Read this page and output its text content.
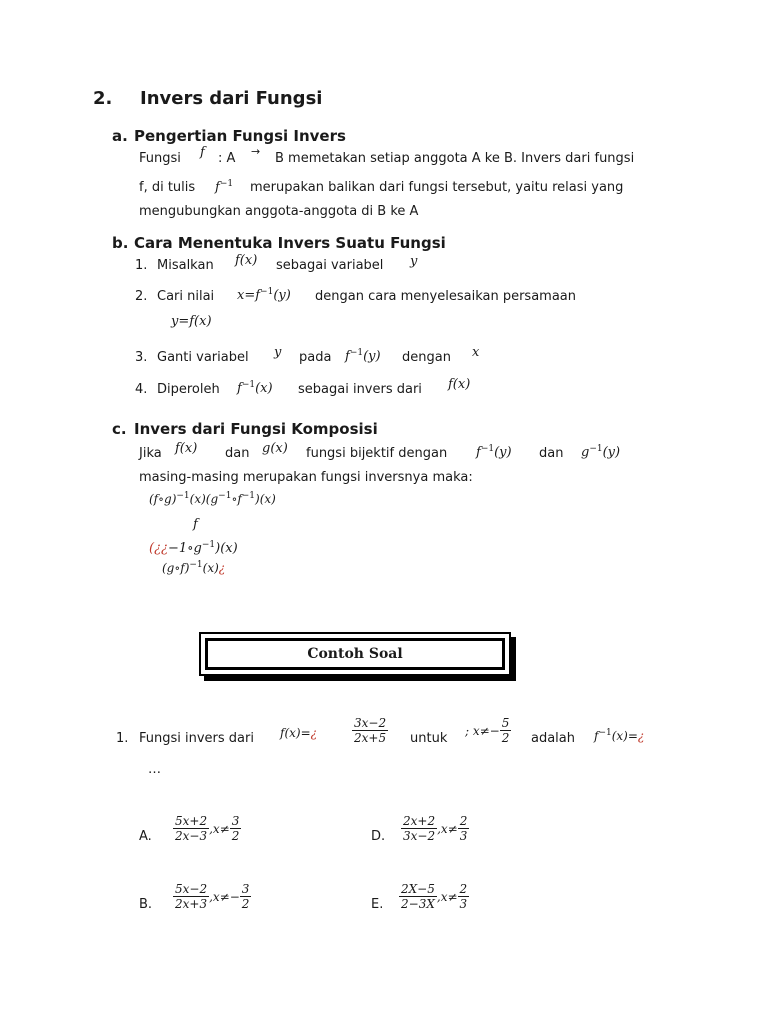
2. Invers dari Fungsi
a. Pengertian Fungsi Invers
Fungsi f : A → B memetakan setiap anggota A ke B. Invers dari fungsi
f, di tulis $f^{-1}$ merupakan balikan dari fungsi tersebut, yaitu relasi yang
mengubungkan anggota-anggota di B ke A
b. Cara Menentuka Invers Suatu Fungsi
1. Misalkan f(x) sebagai variabel y
2. Cari nilai $x=f^{-1}(y)$ dengan cara menyelesaikan persamaan
y=f(x)
3. Ganti variabel y pada $f^{-1}(y)$ dengan x
4. Diperoleh $f^{-1}(x)$ sebagai invers dari f(x)
c. Invers dari Fungsi Komposisi
Jika f(x) dan g(x) fungsi bijektif dengan $f^{-1}(y)$ dan $g^{-1}(y)$
masing-masing merupakan fungsi inversnya maka:
$(f\circ g)^{-1}(x)(g^{-1}\circ f^{-1})(x)$
f
$(¿¿-1\circ g^{-1})(x)$
(g∘f)$^{-1}$(x)¿
Contoh Soal
1. Fungsi invers dari f(x)=¿	$\frac{3x-2}{2x+5}$ untuk
; $x\ne- \frac{5}{2}$ adalah $f^{-1}(x)=¿$
…
A. $\frac{5x+2}{2x-3} ,x\ne \frac{3}{2}$	D. $\frac{2x+2}{3x-2} ,x\ne \frac{2}{3}$
B. $\frac{5x-2}{2x+3} ,x\ne- \frac{3}{2}$	E. $\frac{2X-5}{2-3X} ,x\ne \frac{2}{3}$
